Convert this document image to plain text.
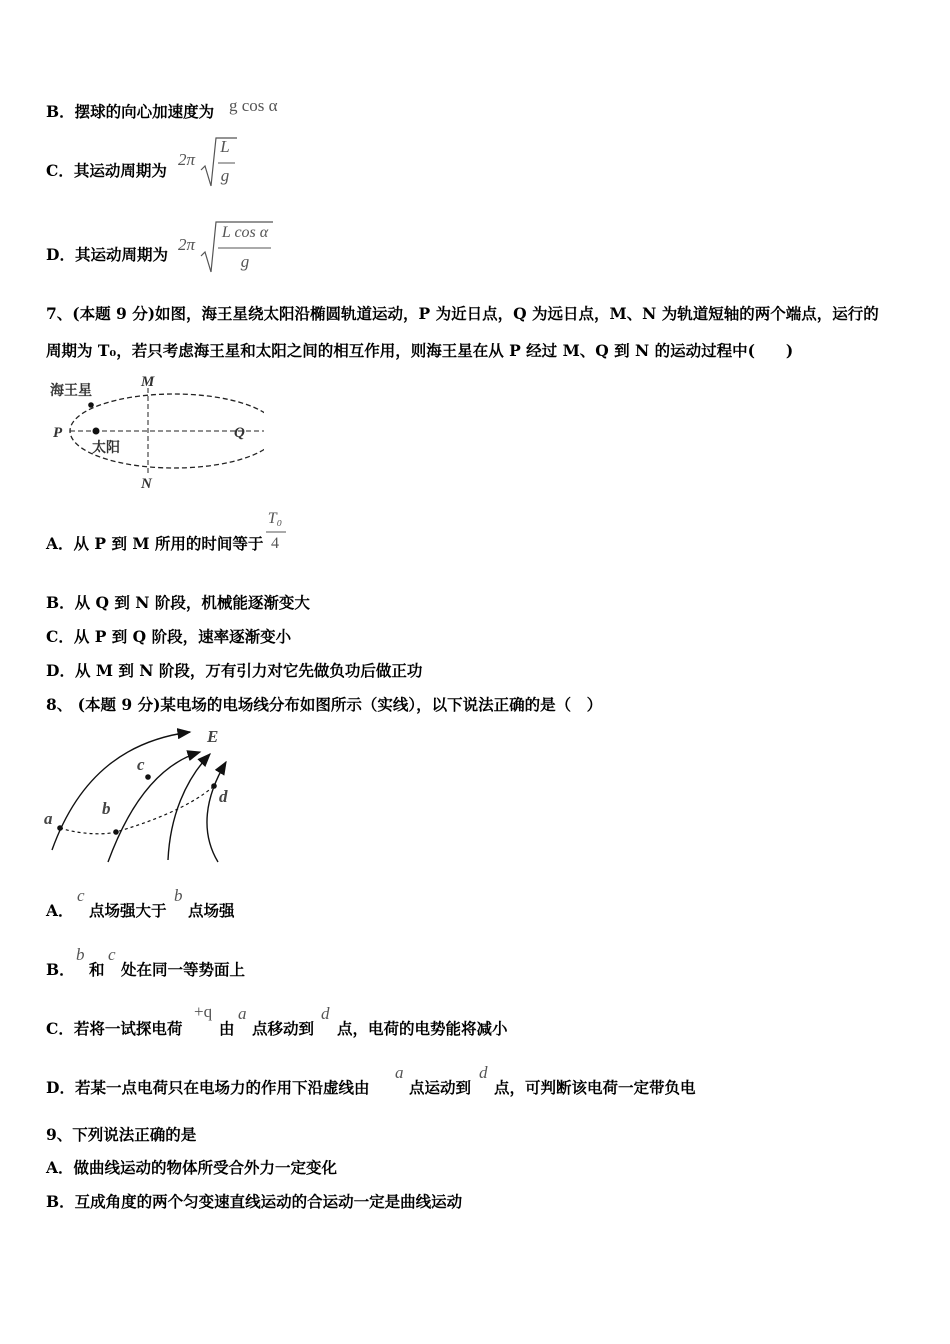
B．摆球的向心加速度为 g cos α
C．其运动周期为
2π
L
g
D．其运动周期为
2π
L cos α
g
7、(本题 9 分)如图，海王星绕太阳沿椭圆轨道运动，P 为近日点，Q 为远日点，M、N 为轨道短轴的两个端点，运行的
周期为 T₀，若只考虑海王星和太阳之间的相互作用，则海王星在从 P 经过 M、Q 到 N 的运动过程中(　　)
海王星
太阳
P	Q
M
N
A．从 P 到 M 所用的时间等于
T₀
4
B．从 Q 到 N 阶段，机械能逐渐变大
C．从 P 到 Q 阶段，速率逐渐变小
D．从 M 到 N 阶段，万有引力对它先做负功后做正功
8、 (本题 9 分)某电场的电场线分布如图所示（实线），以下说法正确的是（　）
E
a
b
c
d
A．
c
点场强大于
b
点场强
B．
b
和
c
处在同一等势面上
C．若将一试探电荷
+q
由
a
点移动到
d
点，电荷的电势能将减小
D．若某一点电荷只在电场力的作用下沿虚线由
a
点运动到
d
点，可判断该电荷一定带负电
9、下列说法正确的是
A．做曲线运动的物体所受合外力一定变化
B．互成角度的两个匀变速直线运动的合运动一定是曲线运动
